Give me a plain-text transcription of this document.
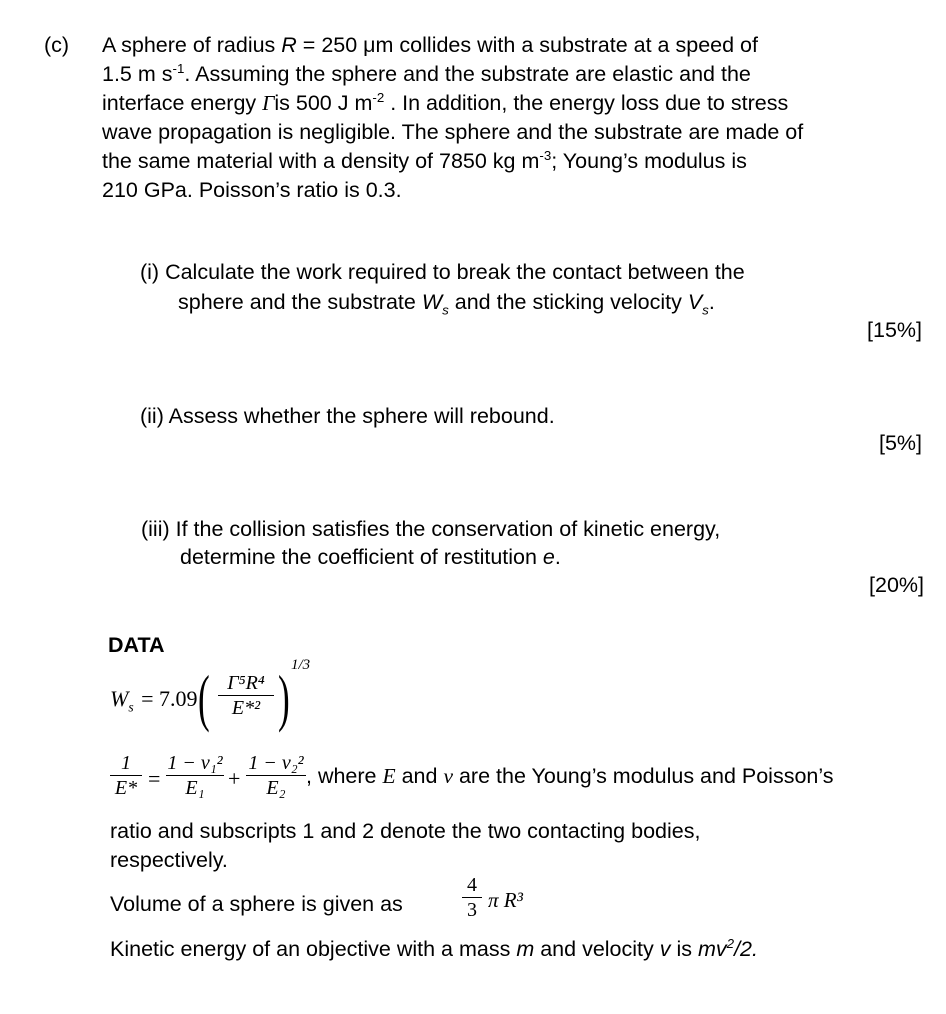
(c) A sphere of radius R = 250 μm collides with a substrate at a speed of
1.5 m $s^{-1}$. Assuming the sphere and the substrate are elastic and the
interface energy Γis 500 J $m^{-2}$ . In addition, the energy loss due to stress
wave propagation is negligible. The sphere and the substrate are made of
the same material with a density of 7850 kg $m^{-3}$; Young’s modulus is
210 GPa. Poisson’s ratio is 0.3.
(i) Calculate the work required to break the contact between the
sphere and the substrate $W_s$ and the sticking velocity $V_s$.
[15%]
(ii) Assess whether the sphere will rebound.
[5%]
(iii) If the collision satisfies the conservation of kinetic energy,
determine the coefficient of restitution e.
[20%]
DATA
$W_s = 7.09$ ( Γ⁵R⁴
E*² ) 1/3
1
E* =
1 − ν₁²
E₁	+
1 − ν₂²
E₂ , where E and ν are the Young’s modulus and Poisson’s
ratio and subscripts 1 and 2 denote the two contacting bodies,
respectively.
Volume of a sphere is given as
4
3 π R³
Kinetic energy of an objective with a mass m and velocity v is $mv^2/2$.
